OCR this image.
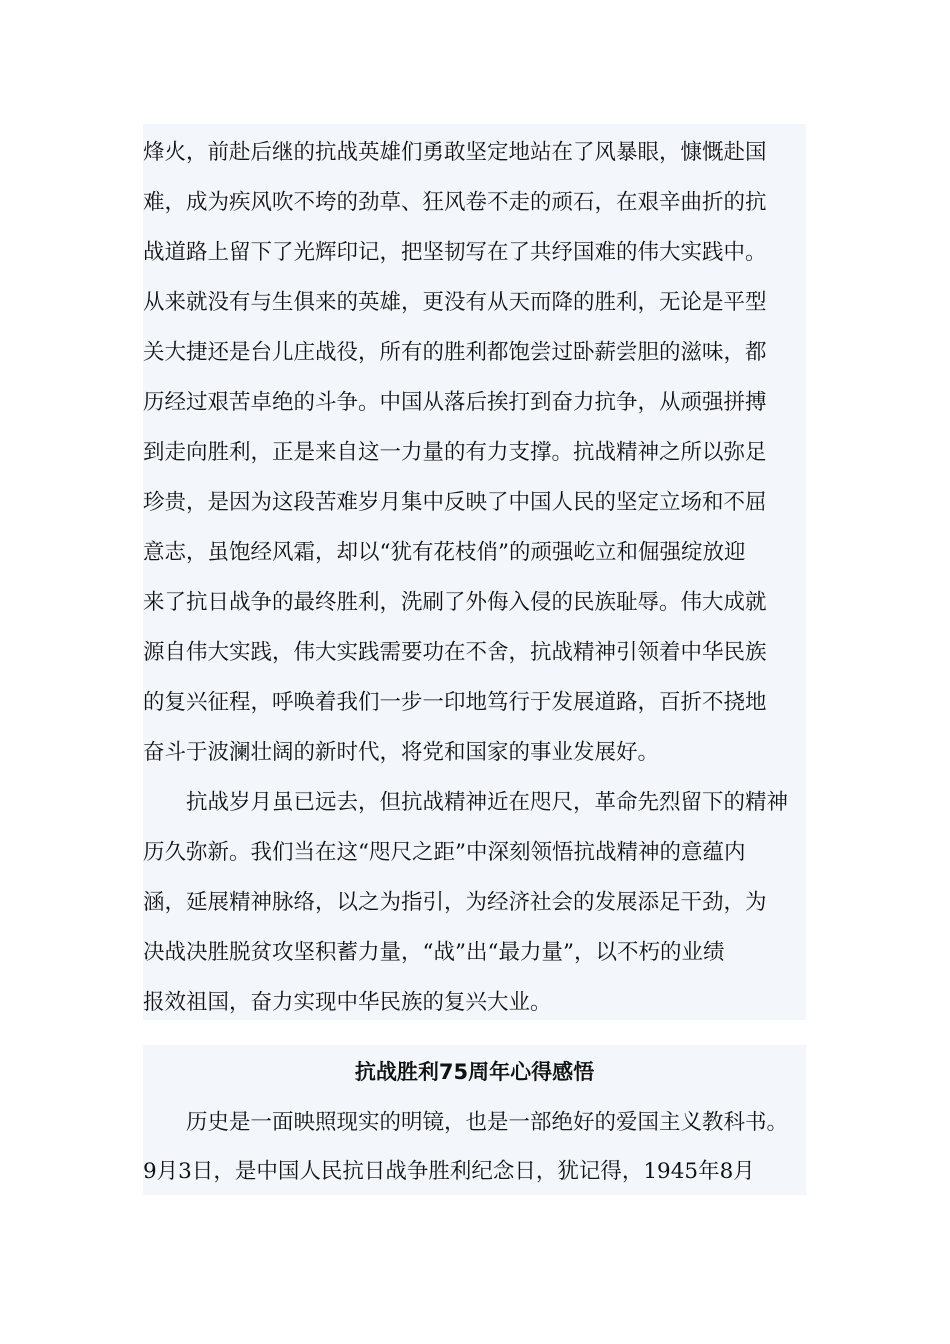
烽火，前赴后继的抗战英雄们勇敢坚定地站在了风暴眼，慷慨赴国
难，成为疾风吹不垮的劲草、狂风卷不走的顽石，在艰辛曲折的抗
战道路上留下了光辉印记，把坚韧写在了共纾国难的伟大实践中。
从来就没有与生俱来的英雄，更没有从天而降的胜利，无论是平型
关大捷还是台儿庄战役，所有的胜利都饱尝过卧薪尝胆的滋味，都
历经过艰苦卓绝的斗争。中国从落后挨打到奋力抗争，从顽强拼搏
到走向胜利，正是来自这一力量的有力支撑。抗战精神之所以弥足
珍贵，是因为这段苦难岁月集中反映了中国人民的坚定立场和不屈
意志，虽饱经风霜，却以“犹有花枝俏”的顽强屹立和倔强绽放迎
来了抗日战争的最终胜利，洗刷了外侮入侵的民族耻辱。伟大成就
源自伟大实践，伟大实践需要功在不舍，抗战精神引领着中华民族
的复兴征程，呼唤着我们一步一印地笃行于发展道路，百折不挠地
奋斗于波澜壮阔的新时代，将党和国家的事业发展好。
　　抗战岁月虽已远去，但抗战精神近在咫尺，革命先烈留下的精神
历久弥新。我们当在这“咫尺之距”中深刻领悟抗战精神的意蕴内
涵，延展精神脉络，以之为指引，为经济社会的发展添足干劲，为
决战决胜脱贫攻坚积蓄力量，“战”出“最力量”，以不朽的业绩
报效祖国，奋力实现中华民族的复兴大业。
抗战胜利75周年心得感悟
　　历史是一面映照现实的明镜，也是一部绝好的爱国主义教科书。
9月3日，是中国人民抗日战争胜利纪念日，犹记得，1945年8月
